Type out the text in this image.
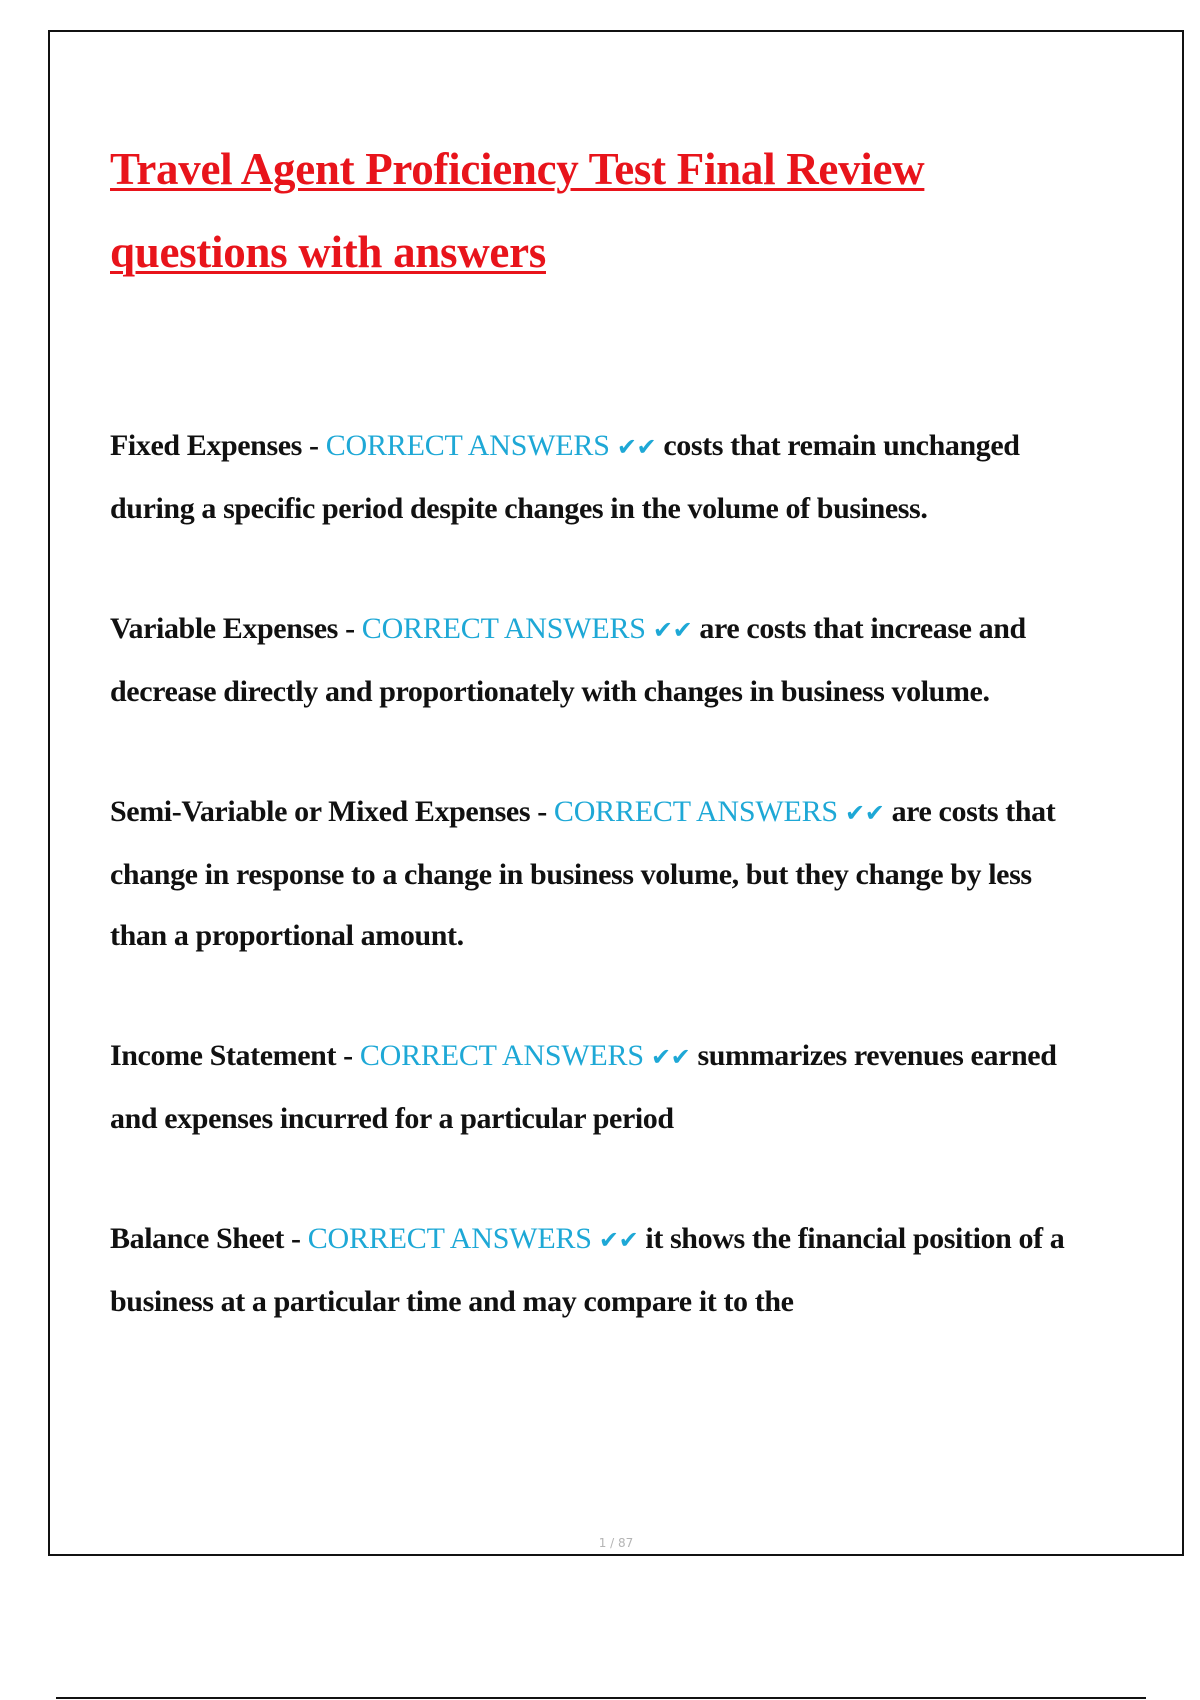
Travel Agent Proficiency Test Final Review questions with answers

Fixed Expenses - CORRECT ANSWERS ✔✔ costs that remain unchanged during a specific period despite changes in the volume of business.

Variable Expenses - CORRECT ANSWERS ✔✔ are costs that increase and decrease directly and proportionately with changes in business volume.

Semi-Variable or Mixed Expenses - CORRECT ANSWERS ✔✔ are costs that change in response to a change in business volume, but they change by less than a proportional amount.

Income Statement - CORRECT ANSWERS ✔✔ summarizes revenues earned and expenses incurred for a particular period

Balance Sheet - CORRECT ANSWERS ✔✔ it shows the financial position of a business at a particular time and may compare it to the

1 / 87
